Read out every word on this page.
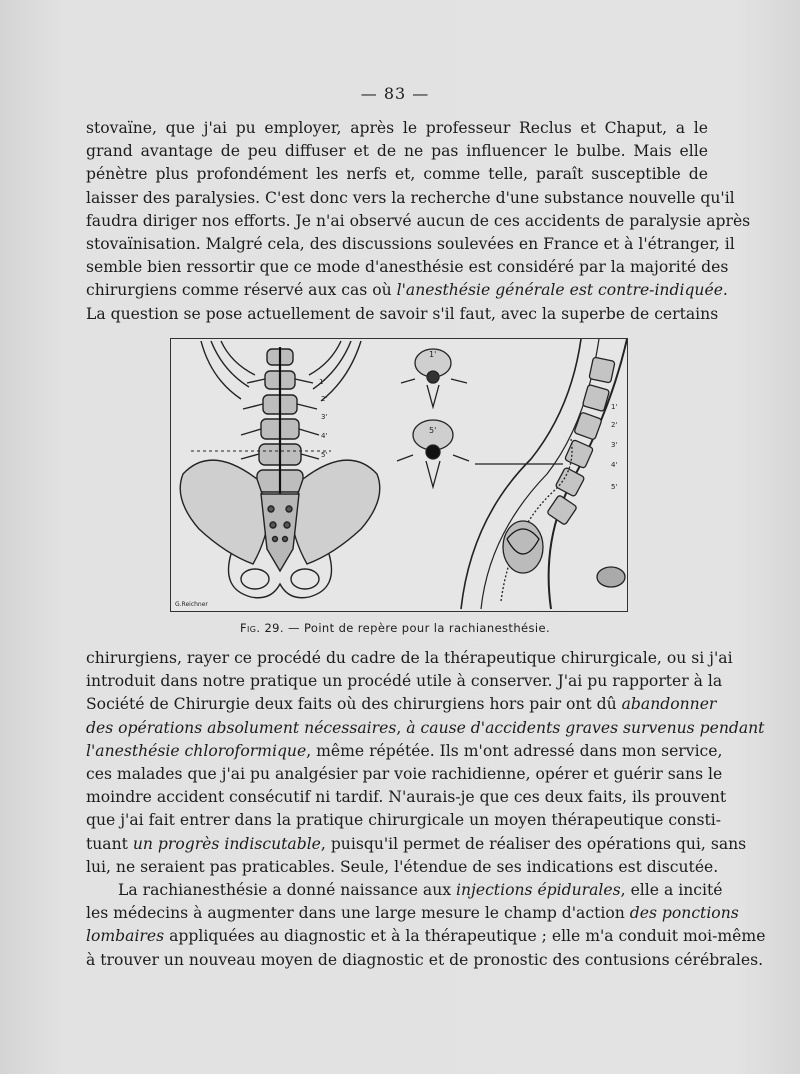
— 83 —
stovaïne, que j'ai pu employer, après le professeur Reclus et Chaput, a le
grand avantage de peu diffuser et de ne pas influencer le bulbe. Mais elle
pénètre plus profondément les nerfs et, comme telle, paraît susceptible de
laisser des paralysies. C'est donc vers la recherche d'une substance nouvelle qu'il
faudra diriger nos efforts. Je n'ai observé aucun de ces accidents de paralysie après
stovaïnisation. Malgré cela, des discussions soulevées en France et à l'étranger, il
semble bien ressortir que ce mode d'anesthésie est considéré par la majorité des
chirurgiens comme réservé aux cas où l'anesthésie générale est contre-indiquée.
La question se pose actuellement de savoir s'il faut, avec la superbe de certains
1'
2'
3'
4'
5'
1'
5'
1'
2'
3'
4'
5'
G.Reichner
Fig. 29. — Point de repère pour la rachianesthésie.
chirurgiens, rayer ce procédé du cadre de la thérapeutique chirurgicale, ou si j'ai
introduit dans notre pratique un procédé utile à conserver. J'ai pu rapporter à la
Société de Chirurgie deux faits où des chirurgiens hors pair ont dû abandonner
des opérations absolument nécessaires, à cause d'accidents graves survenus pendant
l'anesthésie chloroformique, même répétée. Ils m'ont adressé dans mon service,
ces malades que j'ai pu analgésier par voie rachidienne, opérer et guérir sans le
moindre accident consécutif ni tardif. N'aurais-je que ces deux faits, ils prouvent
que j'ai fait entrer dans la pratique chirurgicale un moyen thérapeutique consti-
tuant un progrès indiscutable, puisqu'il permet de réaliser des opérations qui, sans
lui, ne seraient pas praticables. Seule, l'étendue de ses indications est discutée.
La rachianesthésie a donné naissance aux injections épidurales, elle a incité
les médecins à augmenter dans une large mesure le champ d'action des ponctions
lombaires appliquées au diagnostic et à la thérapeutique ; elle m'a conduit moi-même
à trouver un nouveau moyen de diagnostic et de pronostic des contusions cérébrales.
